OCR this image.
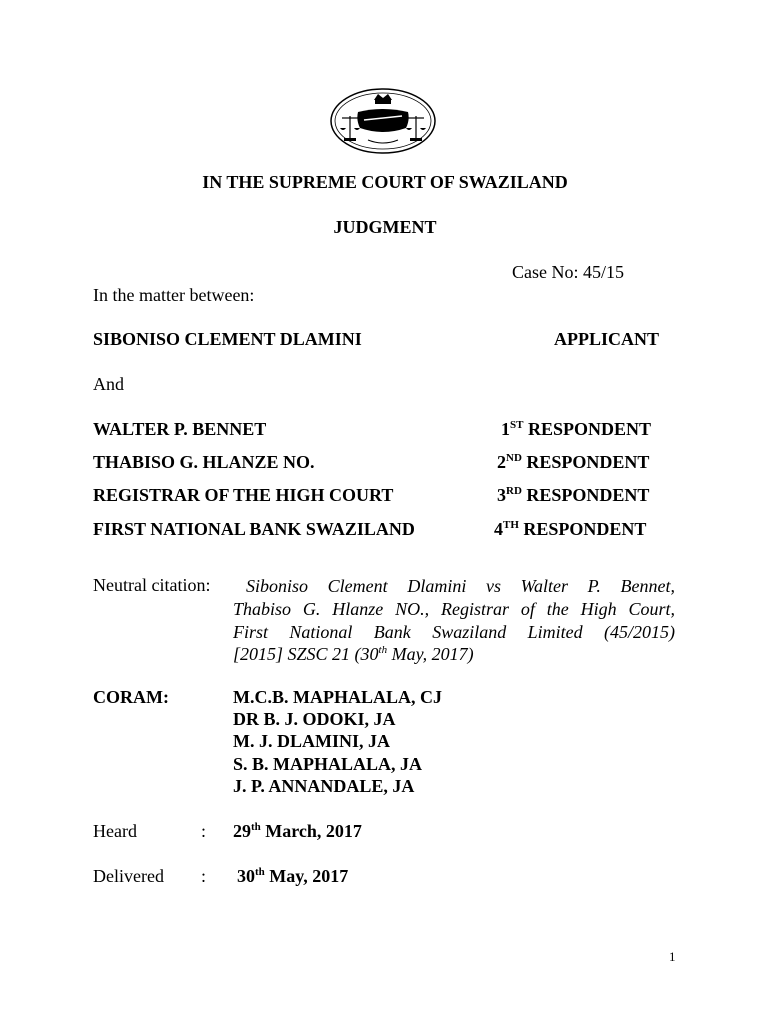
IN THE SUPREME COURT OF SWAZILAND
JUDGMENT
Case No: 45/15
In the matter between:
SIBONISO CLEMENT DLAMINI	APPLICANT
And
WALTER P. BENNET	1ST RESPONDENT
THABISO G. HLANZE NO.	2ND RESPONDENT
REGISTRAR OF THE HIGH COURT	3RD RESPONDENT
FIRST NATIONAL BANK SWAZILAND	4TH RESPONDENT
Neutral citation: Siboniso Clement Dlamini vs Walter P. Bennet,
Thabiso G. Hlanze NO., Registrar of the High Court,
First National Bank Swaziland Limited (45/2015)
[2015] SZSC 21 (30th May, 2017)
CORAM:	M.C.B. MAPHALALA, CJ
DR B. J. ODOKI, JA
M. J. DLAMINI, JA
S. B. MAPHALALA, JA
J. P. ANNANDALE, JA
Heard	: 29th March, 2017
Delivered : 30th May, 2017
1
